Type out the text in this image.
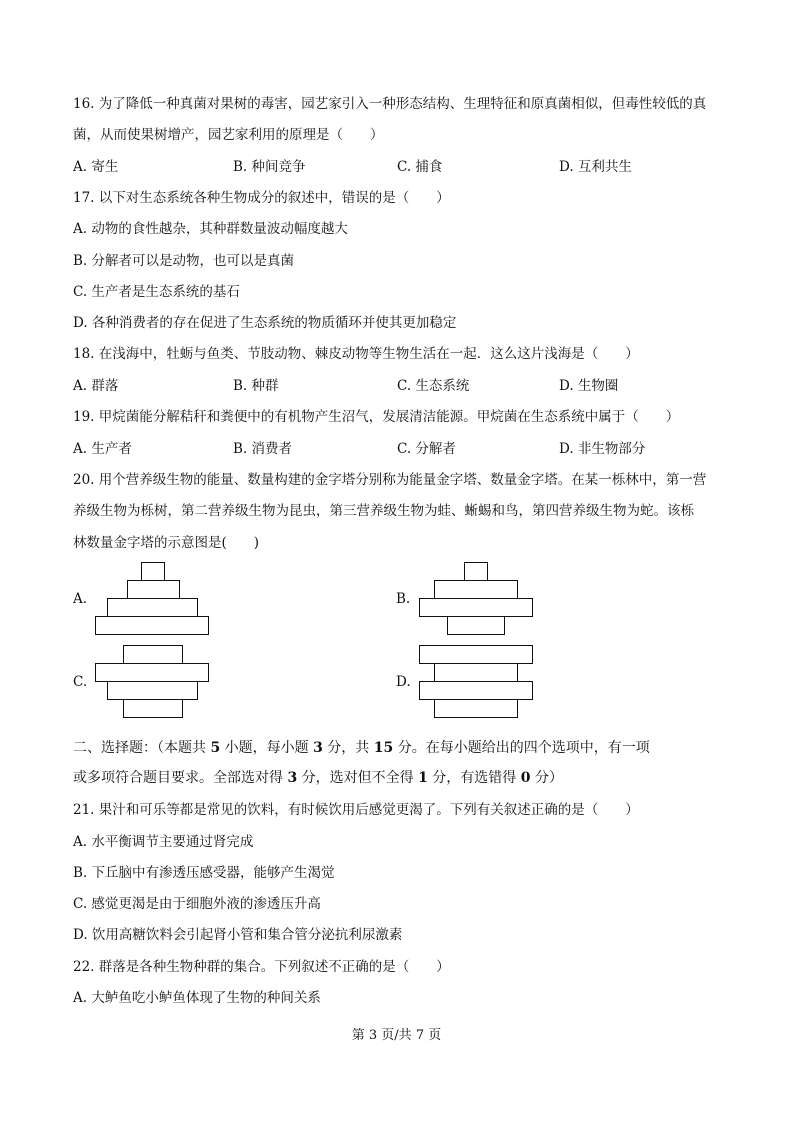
16. 为了降低一种真菌对果树的毒害，园艺家引入一种形态结构、生理特征和原真菌相似，但毒性较低的真
菌，从而使果树增产，园艺家利用的原理是（　　）
A. 寄生	B. 种间竞争	C. 捕食	D. 互利共生
17. 以下对生态系统各种生物成分的叙述中，错误的是（　　）
A. 动物的食性越杂，其种群数量波动幅度越大
B. 分解者可以是动物，也可以是真菌
C. 生产者是生态系统的基石
D. 各种消费者的存在促进了生态系统的物质循环并使其更加稳定
18. 在浅海中，牡蛎与鱼类、节肢动物、棘皮动物等生物生活在一起．这么这片浅海是（　　）
A. 群落	B. 种群	C. 生态系统	D. 生物圈
19. 甲烷菌能分解秸秆和粪便中的有机物产生沼气，发展清洁能源。甲烷菌在生态系统中属于（　　）
A. 生产者	B. 消费者	C. 分解者	D. 非生物部分
20. 用个营养级生物的能量、数量构建的金字塔分别称为能量金字塔、数量金字塔。在某一栎林中，第一营
养级生物为栎树，第二营养级生物为昆虫，第三营养级生物为蛙、蜥蜴和鸟，第四营养级生物为蛇。该栎
林数量金字塔的示意图是(　　)
A.	B.
C.	D.
二、选择题：（本题共 5 小题，每小题 3 分，共 15 分。在每小题给出的四个选项中，有一项
或多项符合题目要求。全部选对得 3 分，选对但不全得 1 分，有选错得 0 分）
21. 果汁和可乐等都是常见的饮料，有时候饮用后感觉更渴了。下列有关叙述正确的是（　　）
A. 水平衡调节主要通过肾完成
B. 下丘脑中有渗透压感受器，能够产生渴觉
C. 感觉更渴是由于细胞外液的渗透压升高
D. 饮用高糖饮料会引起肾小管和集合管分泌抗利尿激素
22. 群落是各种生物种群的集合。下列叙述不正确的是（　　）
A. 大鲈鱼吃小鲈鱼体现了生物的种间关系
第 3 页/共 7 页
